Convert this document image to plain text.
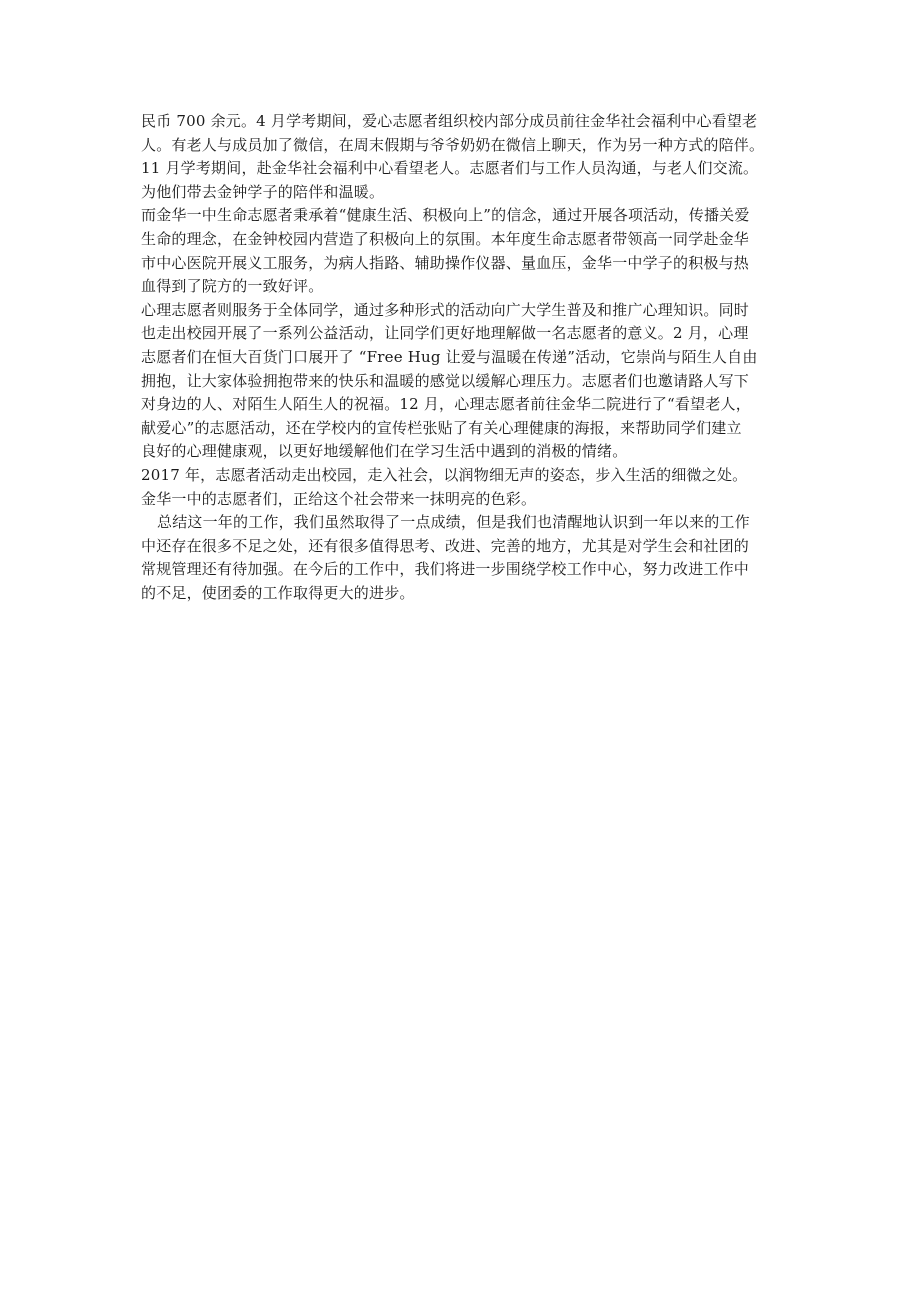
民币 700 余元。4 月学考期间，爱心志愿者组织校内部分成员前往金华社会福利中心看望老
人。有老人与成员加了微信，在周末假期与爷爷奶奶在微信上聊天，作为另一种方式的陪伴。
11 月学考期间，赴金华社会福利中心看望老人。志愿者们与工作人员沟通，与老人们交流。
为他们带去金钟学子的陪伴和温暖。
而金华一中生命志愿者秉承着“健康生活、积极向上”的信念，通过开展各项活动，传播关爱
生命的理念，在金钟校园内营造了积极向上的氛围。本年度生命志愿者带领高一同学赴金华
市中心医院开展义工服务，为病人指路、辅助操作仪器、量血压，金华一中学子的积极与热
血得到了院方的一致好评。
心理志愿者则服务于全体同学，通过多种形式的活动向广大学生普及和推广心理知识。同时
也走出校园开展了一系列公益活动，让同学们更好地理解做一名志愿者的意义。2 月，心理
志愿者们在恒大百货门口展开了 “Free Hug 让爱与温暖在传递”活动，它崇尚与陌生人自由
拥抱，让大家体验拥抱带来的快乐和温暖的感觉以缓解心理压力。志愿者们也邀请路人写下
对身边的人、对陌生人陌生人的祝福。12 月，心理志愿者前往金华二院进行了“看望老人，
献爱心”的志愿活动，还在学校内的宣传栏张贴了有关心理健康的海报，来帮助同学们建立
良好的心理健康观，以更好地缓解他们在学习生活中遇到的消极的情绪。
2017 年，志愿者活动走出校园，走入社会，以润物细无声的姿态，步入生活的细微之处。
金华一中的志愿者们，正给这个社会带来一抹明亮的色彩。
总结这一年的工作，我们虽然取得了一点成绩，但是我们也清醒地认识到一年以来的工作
中还存在很多不足之处，还有很多值得思考、改进、完善的地方，尤其是对学生会和社团的
常规管理还有待加强。在今后的工作中，我们将进一步围绕学校工作中心，努力改进工作中
的不足，使团委的工作取得更大的进步。
